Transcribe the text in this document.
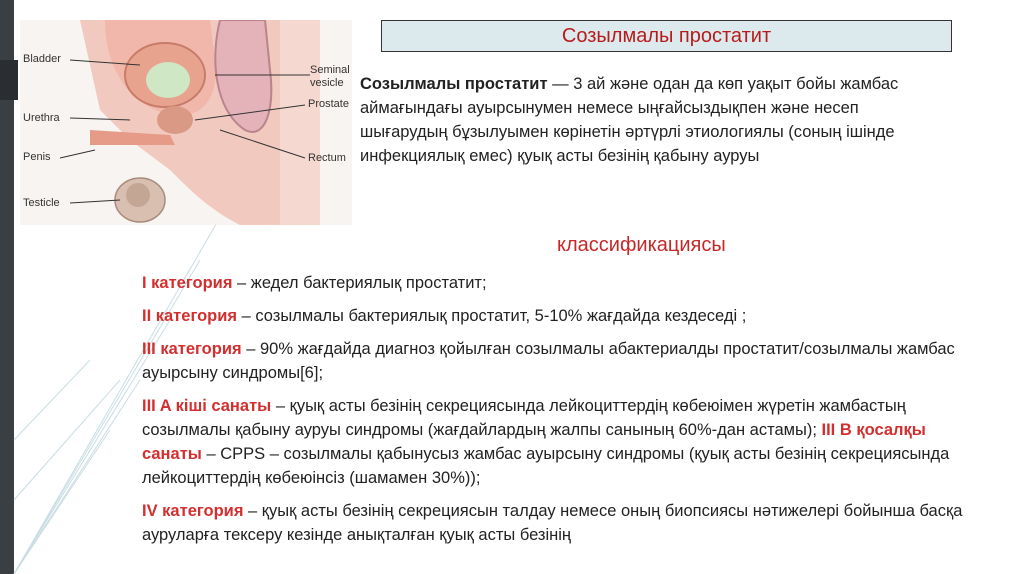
Bladder
Urethra
Penis
Testicle
Seminal
vesicle
Prostate
Rectum
Созылмалы простатит
Созылмалы простатит — 3 ай және одан да көп уақыт бойы жамбас аймағындағы ауырсынумен немесе ыңғайсыздықпен және несеп шығарудың бұзылуымен көрінетін әртүрлі этиологиялы (соның ішінде инфекциялық емес) қуық асты безінің қабыну ауруы
классификациясы

I категория – жедел бактериялық простатит;

II категория – созылмалы бактериялық простатит, 5-10% жағдайда кездеседі ;

III категория – 90% жағдайда диагноз қойылған созылмалы абактериалды простатит/созылмалы жамбас ауырсыну синдромы[6];

III A кіші санаты – қуық асты безінің секрециясында лейкоциттердің көбеюімен жүретін жамбастың созылмалы қабыну ауруы синдромы (жағдайлардың жалпы санының 60%-дан астамы); III B қосалқы санаты – CPPS – созылмалы қабынусыз жамбас ауырсыну синдромы (қуық асты безінің секрециясында лейкоциттердің көбеюінсіз (шамамен 30%));

IV категория – қуық асты безінің секрециясын талдау немесе оның биопсиясы нәтижелері бойынша басқа ауруларға тексеру кезінде анықталған қуық асты безінің
